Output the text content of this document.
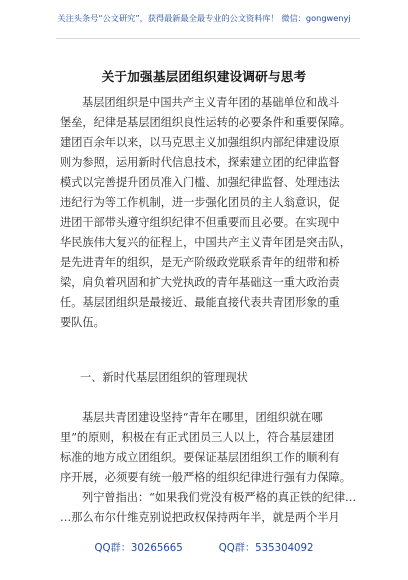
关注头条号“公文研究”，获得最新最全最专业的公文资料库！ 微信：gongwenyj
关于加强基层团组织建设调研与思考
基层团组织是中国共产主义青年团的基础单位和战斗
堡垒，纪律是基层团组织良性运转的必要条件和重要保障。
建团百余年以来，以马克思主义加强组织内部纪律建设原
则为参照，运用新时代信息技术，探索建立团的纪律监督
模式以完善提升团员准入门槛、加强纪律监督、处理违法
违纪行为等工作机制，进一步强化团员的主人翁意识，促
进团干部带头遵守组织纪律不但重要而且必要。在实现中
华民族伟大复兴的征程上，中国共产主义青年团是突击队，
是先进青年的组织，是无产阶级政党联系青年的纽带和桥
梁，肩负着巩固和扩大党执政的青年基础这一重大政治责
任。基层团组织是最接近、最能直接代表共青团形象的重
要队伍。
一、新时代基层团组织的管理现状
基层共青团建设坚持“青年在哪里，团组织就在哪
里”的原则，积极在有正式团员三人以上，符合基层建团
标准的地方成立团组织。要保证基层团组织工作的顺利有
序开展，必须要有统一般严格的组织纪律进行强有力保障。
列宁曾指出：“如果我们党没有极严格的真正铁的纪律…
…那么布尔什维克别说把政权保持两年半，就是两个半月
QQ群：30265665	QQ群：535304092
